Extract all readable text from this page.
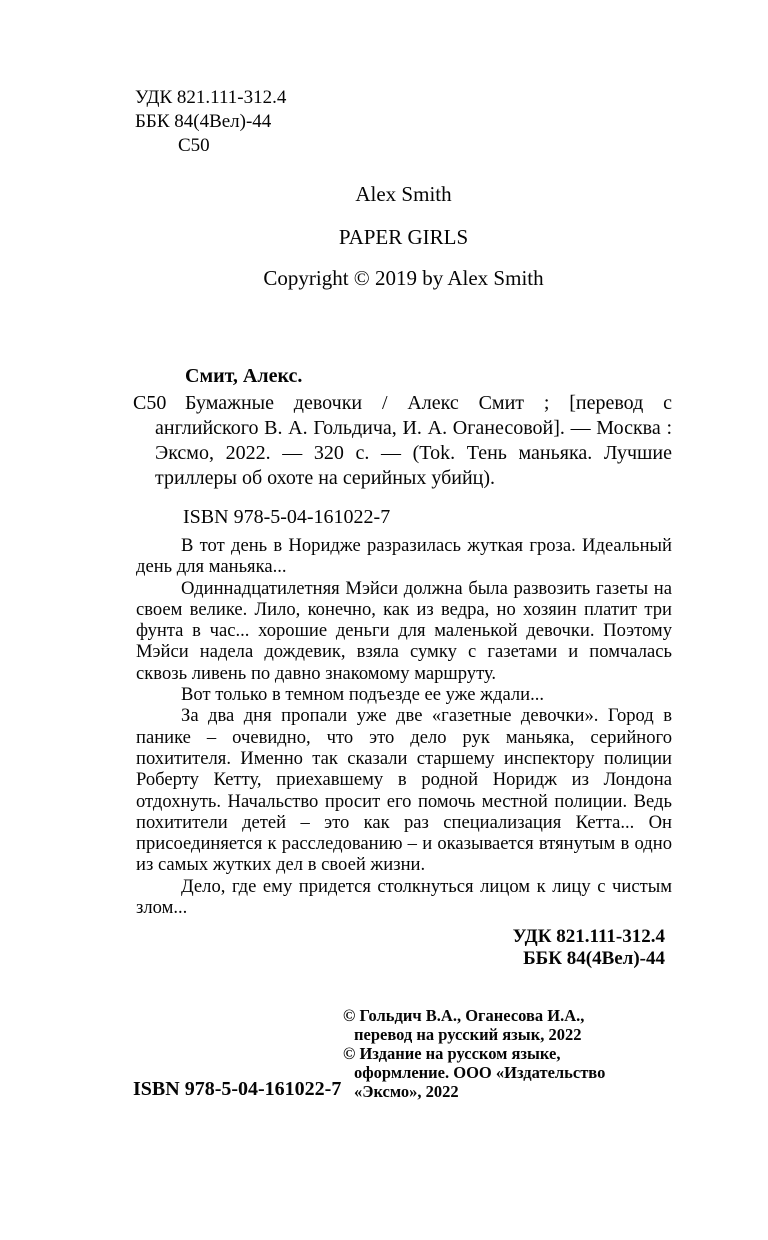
УДК 821.111-312.4
ББК 84(4Вел)-44
С50
Alex Smith
PAPER GIRLS
Copyright © 2019 by Alex Smith
Смит, Алекс.
С50 Бумажные девочки / Алекс Смит ; [перевод с английского В. А. Гольдича, И. А. Оганесовой]. — Москва : Эксмо, 2022. — 320 с. — (Tok. Тень маньяка. Лучшие триллеры об охоте на серийных убийц).

ISBN 978-5-04-161022-7

В тот день в Норидже разразилась жуткая гроза. Идеальный день для маньяка...

Одиннадцатилетняя Мэйси должна была развозить газеты на своем велике. Лило, конечно, как из ведра, но хозяин платит три фунта в час... хорошие деньги для маленькой девочки. Поэтому Мэйси надела дождевик, взяла сумку с газетами и помчалась сквозь ливень по давно знакомому маршруту.

Вот только в темном подъезде ее уже ждали...

За два дня пропали уже две «газетные девочки». Город в панике – очевидно, что это дело рук маньяка, серийного похитителя. Именно так сказали старшему инспектору полиции Роберту Кетту, приехавшему в родной Норидж из Лондона отдохнуть. Начальство просит его помочь местной полиции. Ведь похитители детей – это как раз специализация Кетта... Он присоединяется к расследованию – и оказывается втянутым в одно из самых жутких дел в своей жизни.

Дело, где ему придется столкнуться лицом к лицу с чистым злом...

УДК 821.111-312.4
ББК 84(4Вел)-44
ISBN 978-5-04-161022-7
© Гольдич В.А., Оганесова И.А.,
перевод на русский язык, 2022
© Издание на русском языке,
оформление. ООО «Издательство
«Эксмо», 2022
